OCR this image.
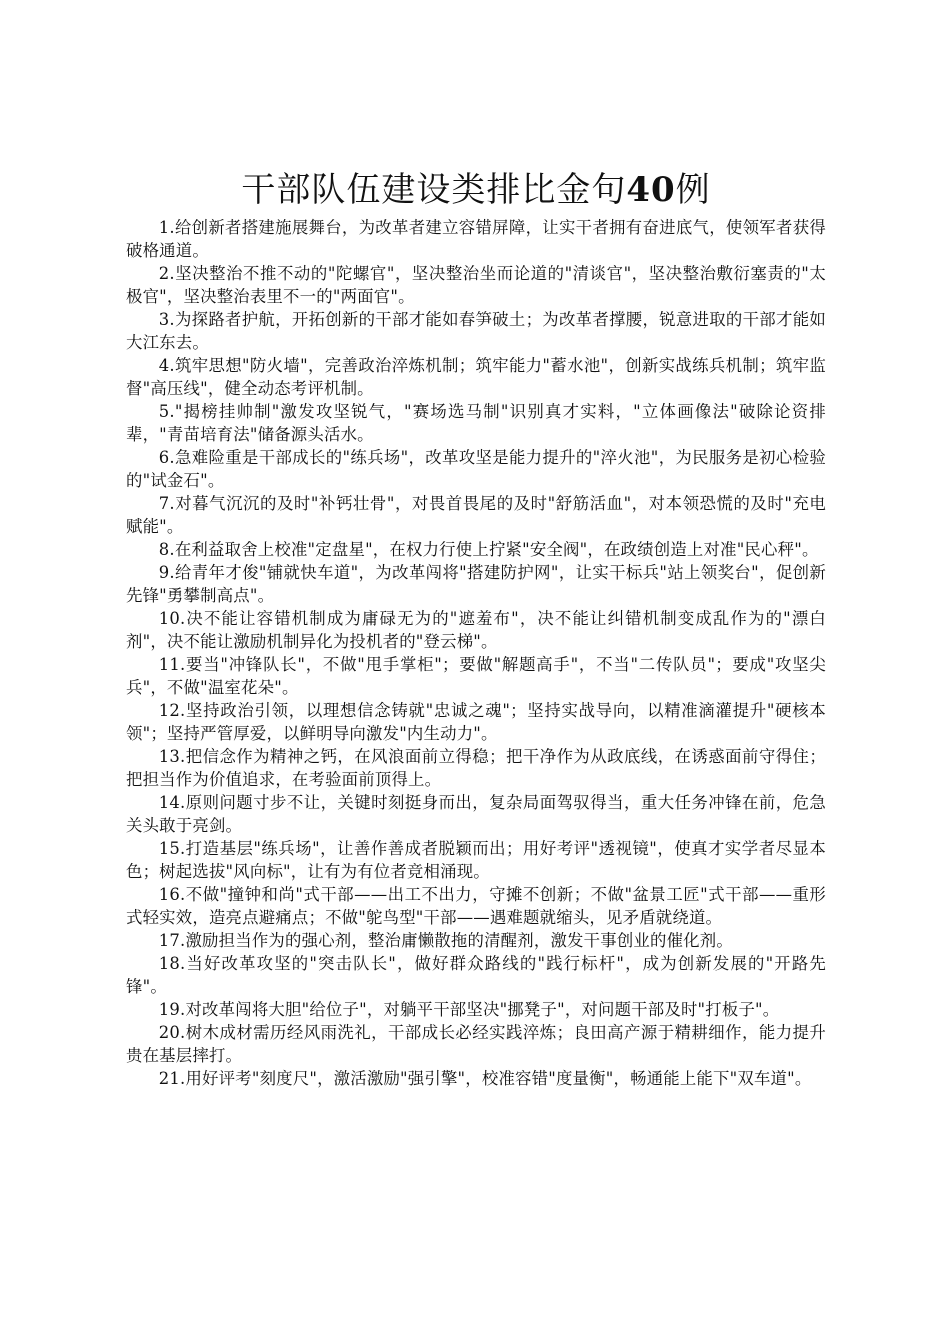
干部队伍建设类排比金句40例

1.给创新者搭建施展舞台，为改革者建立容错屏障，让实干者拥有奋进底气，使领军者获得破格通道。

2.坚决整治不推不动的"陀螺官"，坚决整治坐而论道的"清谈官"，坚决整治敷衍塞责的"太极官"，坚决整治表里不一的"两面官"。

3.为探路者护航，开拓创新的干部才能如春笋破土；为改革者撑腰，锐意进取的干部才能如大江东去。

4.筑牢思想"防火墙"，完善政治淬炼机制；筑牢能力"蓄水池"，创新实战练兵机制；筑牢监督"高压线"，健全动态考评机制。

5."揭榜挂帅制"激发攻坚锐气，"赛场选马制"识别真才实料，"立体画像法"破除论资排辈，"青苗培育法"储备源头活水。

6.急难险重是干部成长的"练兵场"，改革攻坚是能力提升的"淬火池"，为民服务是初心检验的"试金石"。

7.对暮气沉沉的及时"补钙壮骨"，对畏首畏尾的及时"舒筋活血"，对本领恐慌的及时"充电赋能"。

8.在利益取舍上校准"定盘星"，在权力行使上拧紧"安全阀"，在政绩创造上对准"民心秤"。

9.给青年才俊"铺就快车道"，为改革闯将"搭建防护网"，让实干标兵"站上领奖台"，促创新先锋"勇攀制高点"。

10.决不能让容错机制成为庸碌无为的"遮羞布"，决不能让纠错机制变成乱作为的"漂白剂"，决不能让激励机制异化为投机者的"登云梯"。

11.要当"冲锋队长"，不做"甩手掌柜"；要做"解题高手"，不当"二传队员"；要成"攻坚尖兵"，不做"温室花朵"。

12.坚持政治引领，以理想信念铸就"忠诚之魂"；坚持实战导向，以精准滴灌提升"硬核本领"；坚持严管厚爱，以鲜明导向激发"内生动力"。

13.把信念作为精神之钙，在风浪面前立得稳；把干净作为从政底线，在诱惑面前守得住；把担当作为价值追求，在考验面前顶得上。

14.原则问题寸步不让，关键时刻挺身而出，复杂局面驾驭得当，重大任务冲锋在前，危急关头敢于亮剑。

15.打造基层"练兵场"，让善作善成者脱颖而出；用好考评"透视镜"，使真才实学者尽显本色；树起选拔"风向标"，让有为有位者竞相涌现。

16.不做"撞钟和尚"式干部——出工不出力，守摊不创新；不做"盆景工匠"式干部——重形式轻实效，造亮点避痛点；不做"鸵鸟型"干部——遇难题就缩头，见矛盾就绕道。

17.激励担当作为的强心剂，整治庸懒散拖的清醒剂，激发干事创业的催化剂。

18.当好改革攻坚的"突击队长"，做好群众路线的"践行标杆"，成为创新发展的"开路先锋"。

19.对改革闯将大胆"给位子"，对躺平干部坚决"挪凳子"，对问题干部及时"打板子"。

20.树木成材需历经风雨洗礼，干部成长必经实践淬炼；良田高产源于精耕细作，能力提升贵在基层摔打。

21.用好评考"刻度尺"，激活激励"强引擎"，校准容错"度量衡"，畅通能上能下"双车道"。
